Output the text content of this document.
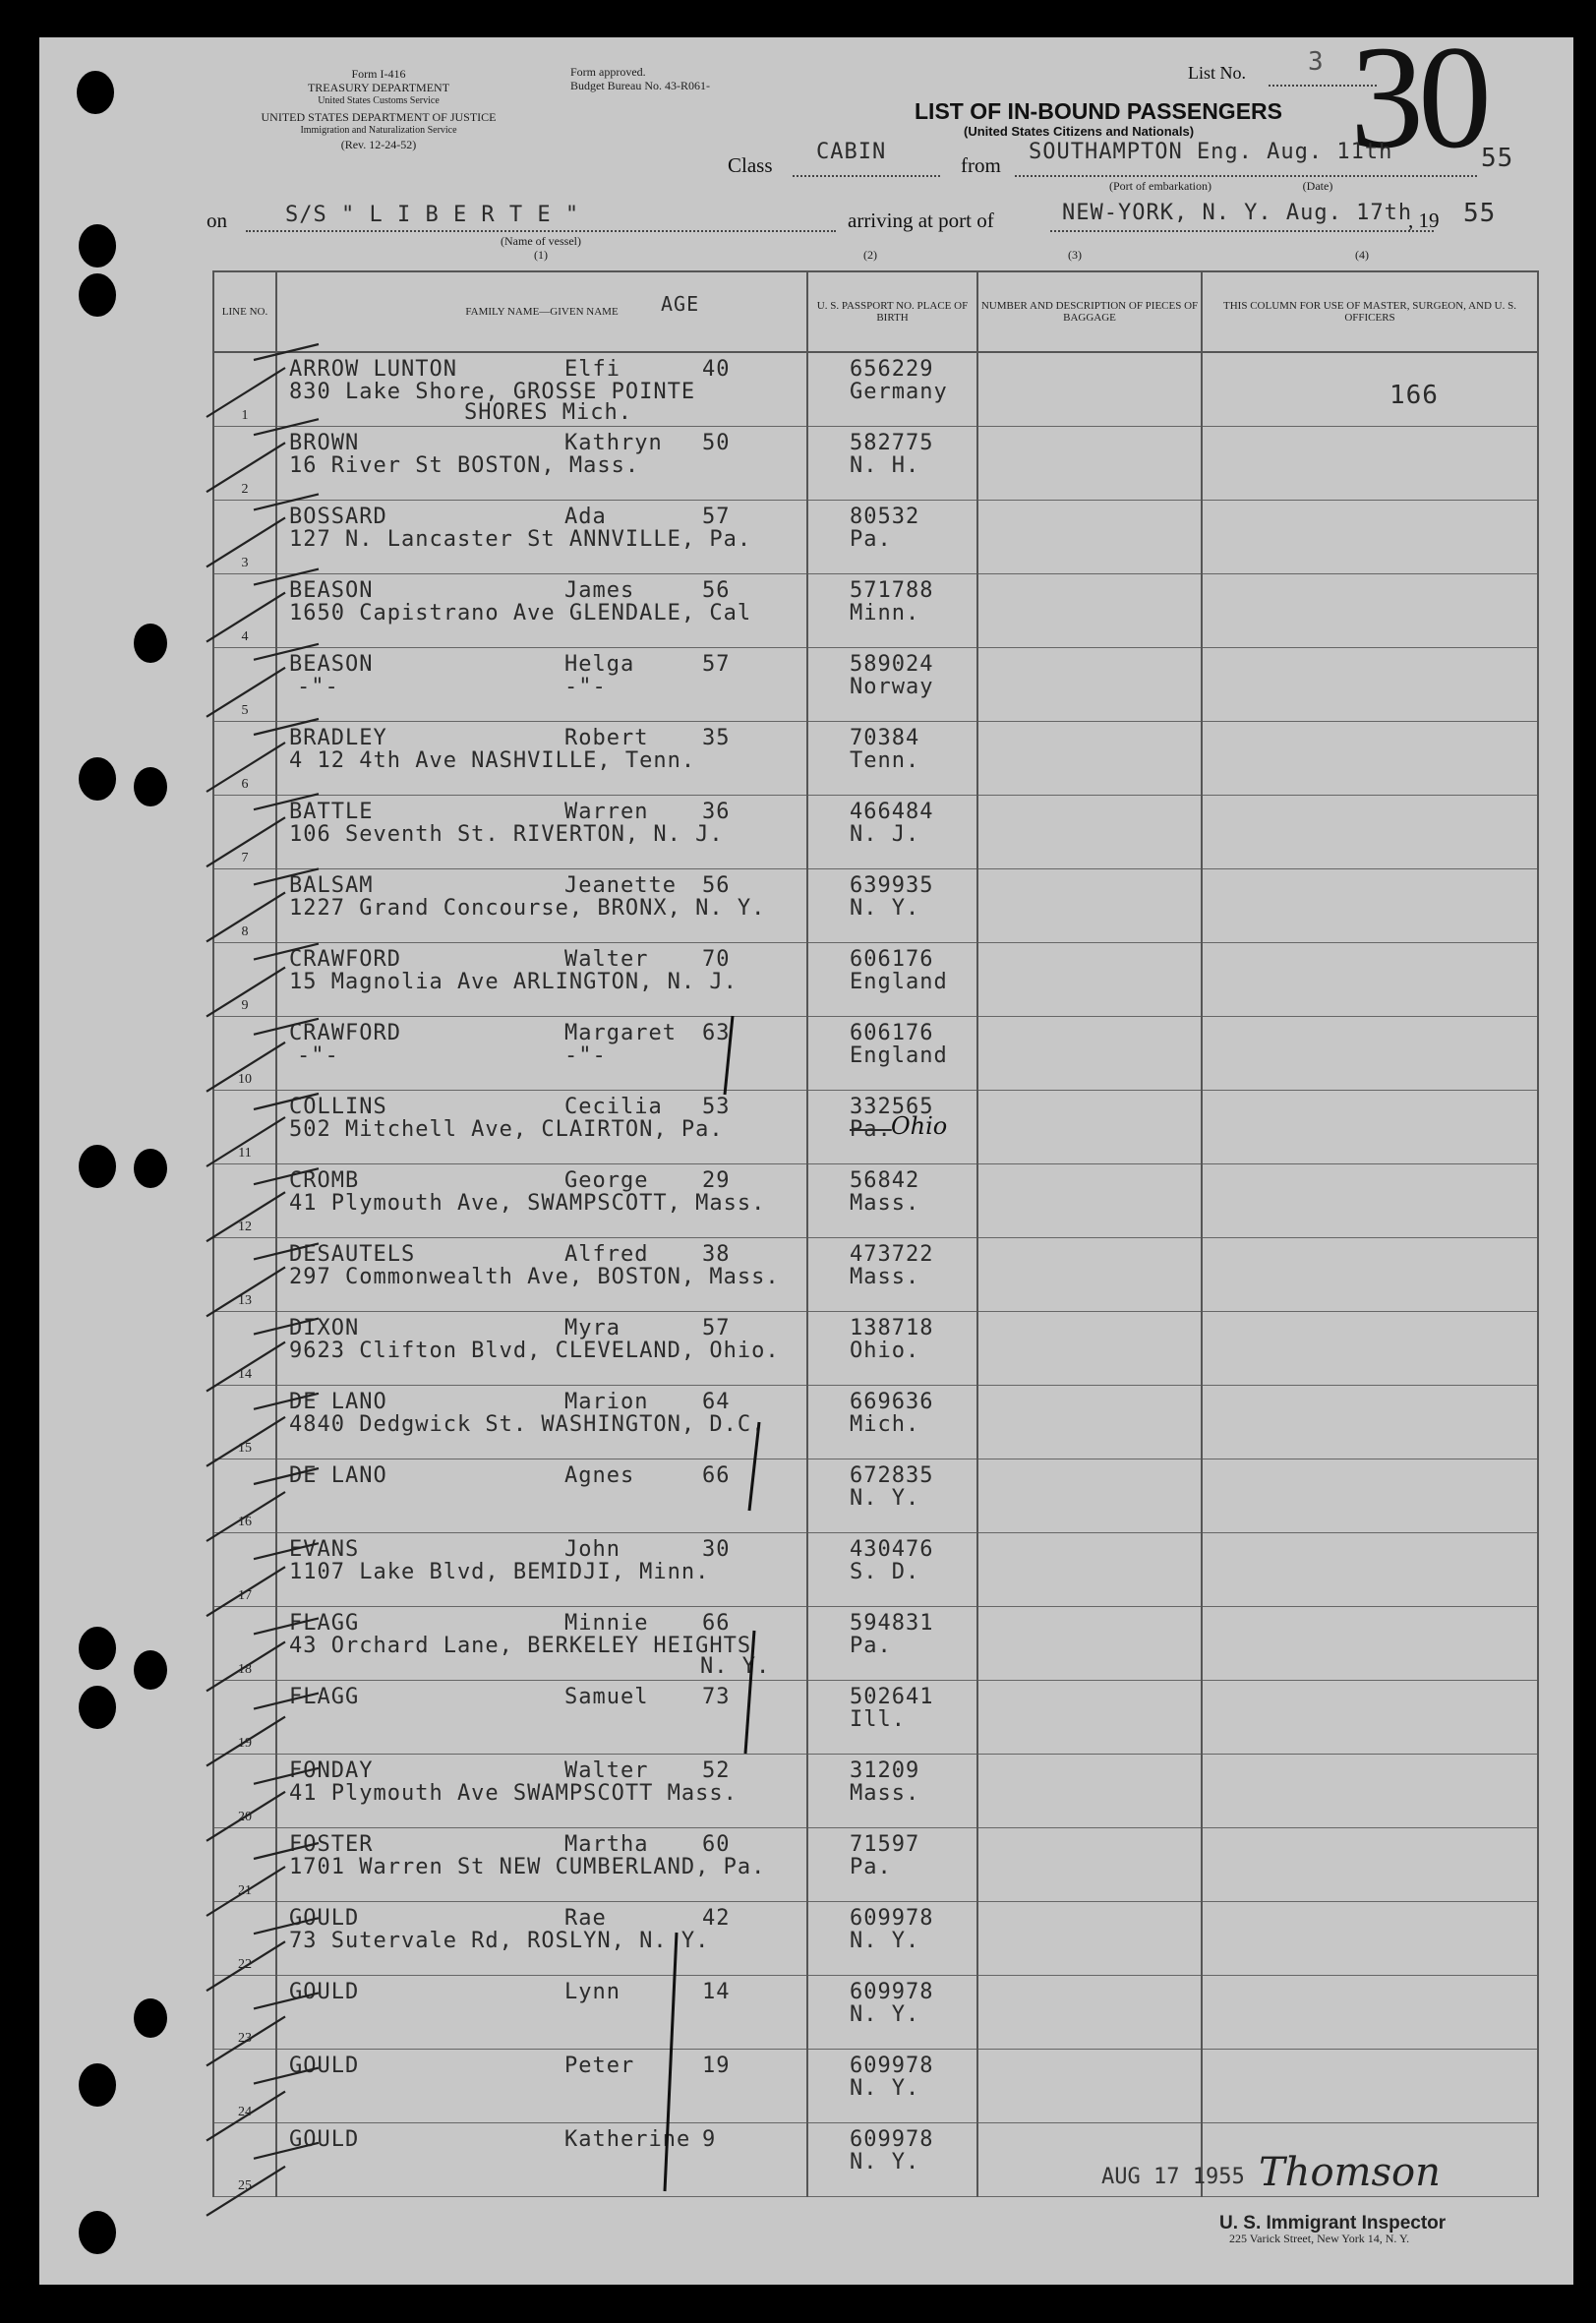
Form I-416
TREASURY DEPARTMENT
United States Customs Service
UNITED STATES DEPARTMENT OF JUSTICE
Immigration and Naturalization Service
(Rev. 12-24-52)
Form approved.
Budget Bureau No. 43-R061-
List No. 3 30
LIST OF IN-BOUND PASSENGERS
(United States Citizens and Nationals)
Class
CABIN
from
SOUTHAMPTON Eng. Aug. 11th	55
(Port of embarkation)	(Date)
on	S/S " L I B E R T E "
(Name of vessel)
(1)
arriving at port of	NEW-YORK, N. Y. Aug. 17th
, 19 55
(2)	(3)	(4)
LINE NO.	FAMILY NAME—GIVEN NAME AGE	U. S. PASSPORT NO. PLACE OF BIRTH	NUMBER AND DESCRIPTION OF PIECES OF BAGGAGE	THIS COLUMN FOR USE OF MASTER, SURGEON, AND U. S. OFFICERS

1	ARROW LUNTON Elfi 40
830 Lake Shore, GROSSE POINTE
SHORES Mich.	656229
Germany		166

2	BROWN Kathryn 50
16 River St BOSTON, Mass.	582775
N. H.		

3	BOSSARD Ada 57
127 N. Lancaster St ANNVILLE, Pa.	80532
Pa.		

4	BEASON James 56
1650 Capistrano Ave GLENDALE, Cal	571788
Minn.		

5	BEASON Helga 57
-"- -"-	589024
Norway		

6	BRADLEY Robert 35
4 12 4th Ave NASHVILLE, Tenn.	70384
Tenn.		

7	BATTLE Warren 36
106 Seventh St. RIVERTON, N. J.	466484
N. J.		

8	BALSAM Jeanette 56
1227 Grand Concourse, BRONX, N. Y.	639935
N. Y.		

9	CRAWFORD Walter 70
15 Magnolia Ave ARLINGTON, N. J.	606176
England		

10	CRAWFORD Margaret 63
-"- -"-	606176
England		

11	COLLINS Cecilia 53
502 Mitchell Ave, CLAIRTON, Pa.	332565
Pa. Ohio		

12	CROMB George 29
41 Plymouth Ave, SWAMPSCOTT, Mass.	56842
Mass.		

13	DESAUTELS Alfred 38
297 Commonwealth Ave, BOSTON, Mass.	473722
Mass.		

14	DIXON Myra 57
9623 Clifton Blvd, CLEVELAND, Ohio.	138718
Ohio.		

15	DE LANO Marion 64
4840 Dedgwick St. WASHINGTON, D.C.	669636
Mich.		

16	DE LANO Agnes 66	672835
N. Y.		

17	EVANS John 30
1107 Lake Blvd, BEMIDJI, Minn.	430476
S. D.		

18	FLAGG Minnie 66
43 Orchard Lane, BERKELEY HEIGHTS
N. Y.	594831
Pa.		

19	FLAGG Samuel 73	502641
Ill.		

20	FONDAY Walter 52
41 Plymouth Ave SWAMPSCOTT Mass.	31209
Mass.		

21	FOSTER Martha 60
1701 Warren St NEW CUMBERLAND, Pa.	71597
Pa.		

22	GOULD Rae 42
73 Sutervale Rd, ROSLYN, N. Y.	609978
N. Y.		

23	GOULD Lynn 14	609978
N. Y.		

24	GOULD Peter 19	609978
N. Y.		

25	GOULD Katherine 9	609978
N. Y.		

AUG 17 1955 Thomson
U. S. Immigrant Inspector
225 Varick Street, New York 14, N. Y.
